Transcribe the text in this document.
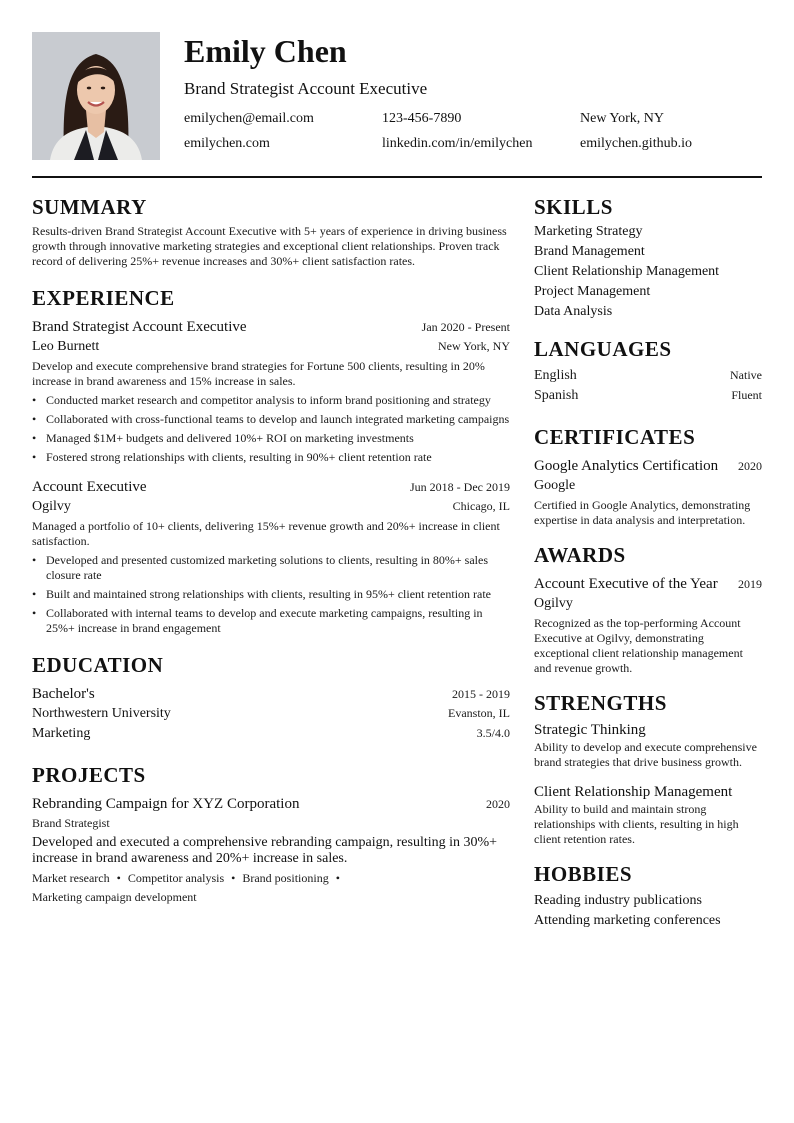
Emily Chen
Brand Strategist Account Executive
emilychen@email.com	123-456-7890	New York, NY
emilychen.com	linkedin.com/in/emilychen	emilychen.github.io
SUMMARY
Results-driven Brand Strategist Account Executive with 5+ years of experience in driving business growth through innovative marketing strategies and exceptional client relationships. Proven track record of delivering 25%+ revenue increases and 30%+ client satisfaction rates.
EXPERIENCE
Brand Strategist Account Executive	Jan 2020 - Present
Leo Burnett	New York, NY
Develop and execute comprehensive brand strategies for Fortune 500 clients, resulting in 20% increase in brand awareness and 15% increase in sales.
• Conducted market research and competitor analysis to inform brand positioning and strategy
• Collaborated with cross-functional teams to develop and launch integrated marketing campaigns
• Managed $1M+ budgets and delivered 10%+ ROI on marketing investments
• Fostered strong relationships with clients, resulting in 90%+ client retention rate
Account Executive	Jun 2018 - Dec 2019
Ogilvy	Chicago, IL
Managed a portfolio of 10+ clients, delivering 15%+ revenue growth and 20%+ increase in client satisfaction.
• Developed and presented customized marketing solutions to clients, resulting in 80%+ sales closure rate
• Built and maintained strong relationships with clients, resulting in 95%+ client retention rate
• Collaborated with internal teams to develop and execute marketing campaigns, resulting in 25%+ increase in brand engagement
EDUCATION
Bachelor's	2015 - 2019
Northwestern University	Evanston, IL
Marketing	3.5/4.0
PROJECTS
Rebranding Campaign for XYZ Corporation	2020
Brand Strategist
Developed and executed a comprehensive rebranding campaign, resulting in 30%+ increase in brand awareness and 20%+ increase in sales.
Market research • Competitor analysis • Brand positioning •
Marketing campaign development
SKILLS
Marketing Strategy
Brand Management
Client Relationship Management
Project Management
Data Analysis
LANGUAGES
English	Native
Spanish	Fluent
CERTIFICATES
Google Analytics Certification 2020
Google
Certified in Google Analytics, demonstrating expertise in data analysis and interpretation.
AWARDS
Account Executive of the Year 2019
Ogilvy
Recognized as the top-performing Account Executive at Ogilvy, demonstrating exceptional client relationship management and revenue growth.
STRENGTHS
Strategic Thinking
Ability to develop and execute comprehensive brand strategies that drive business growth.
Client Relationship Management
Ability to build and maintain strong relationships with clients, resulting in high client retention rates.
HOBBIES
Reading industry publications
Attending marketing conferences
